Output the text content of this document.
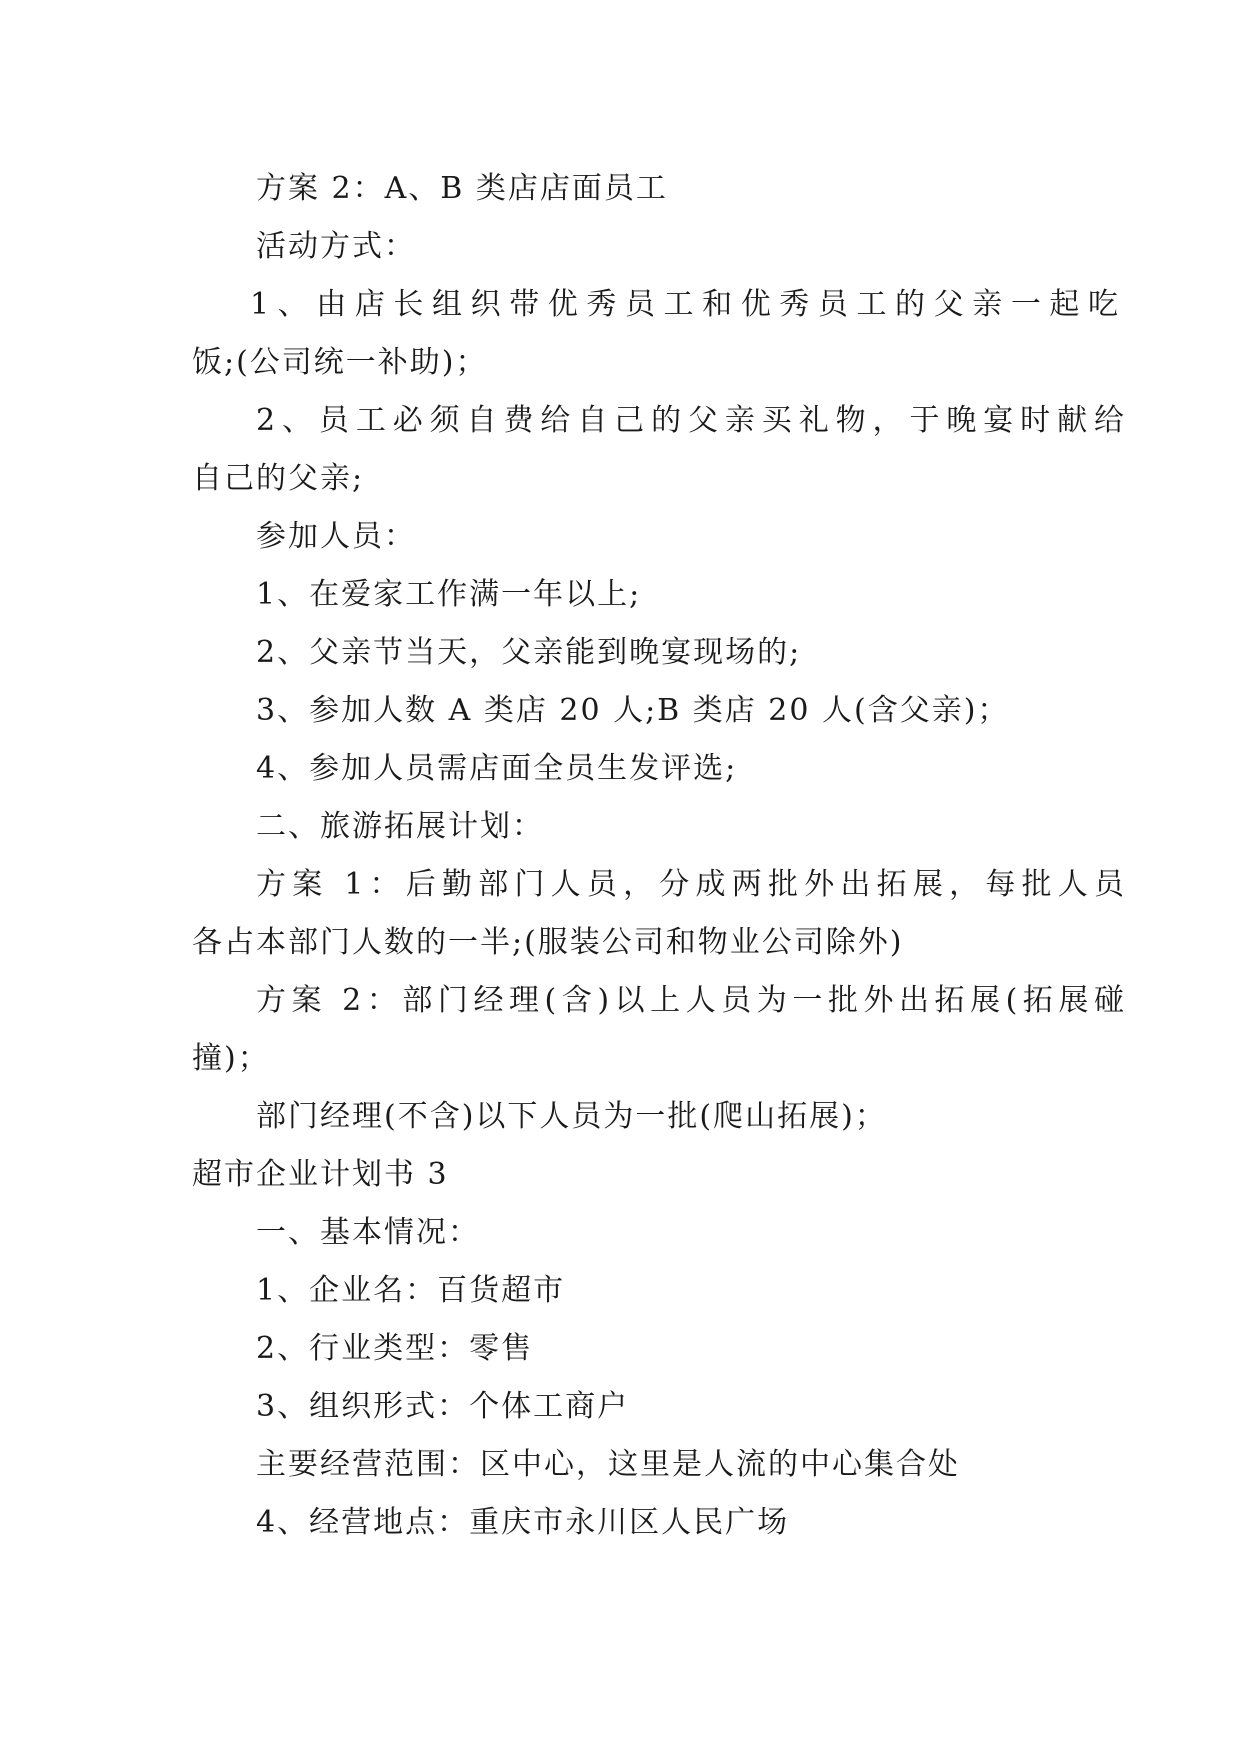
方案 2：A、B 类店店面员工
活动方式：
1、由店长组织带优秀员工和优秀员工的父亲一起吃
饭;(公司统一补助)；
2、员工必须自费给自己的父亲买礼物，于晚宴时献给
自己的父亲;
参加人员：
1、在爱家工作满一年以上;
2、父亲节当天，父亲能到晚宴现场的;
3、参加人数 A 类店 20 人;B 类店 20 人(含父亲)；
4、参加人员需店面全员生发评选;
二、旅游拓展计划：
方案 1：后勤部门人员，分成两批外出拓展，每批人员
各占本部门人数的一半;(服装公司和物业公司除外)
方案 2：部门经理(含)以上人员为一批外出拓展(拓展碰
撞)；
部门经理(不含)以下人员为一批(爬山拓展)；
超市企业计划书 3
一、基本情况：
1、企业名：百货超市
2、行业类型：零售
3、组织形式：个体工商户
主要经营范围：区中心，这里是人流的中心集合处
4、经营地点：重庆市永川区人民广场
